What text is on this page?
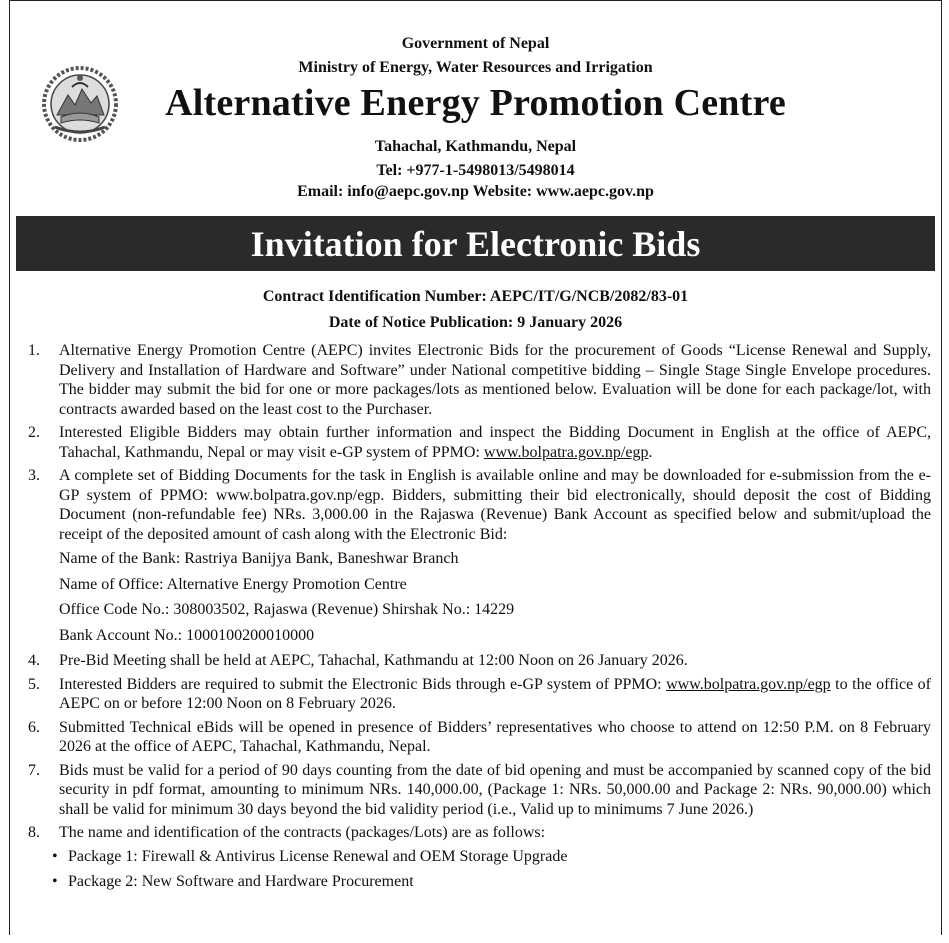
Government of Nepal
Ministry of Energy, Water Resources and Irrigation
Alternative Energy Promotion Centre
Tahachal, Kathmandu, Nepal
Tel: +977-1-5498013/5498014
Email: info@aepc.gov.np Website: www.aepc.gov.np
Invitation for Electronic Bids
Contract Identification Number: AEPC/IT/G/NCB/2082/83-01
Date of Notice Publication: 9 January 2026
1. Alternative Energy Promotion Centre (AEPC) invites Electronic Bids for the procurement of Goods “License Renewal and Supply, Delivery and Installation of Hardware and Software” under National competitive bidding – Single Stage Single Envelope procedures. The bidder may submit the bid for one or more packages/lots as mentioned below. Evaluation will be done for each package/lot, with contracts awarded based on the least cost to the Purchaser.
2. Interested Eligible Bidders may obtain further information and inspect the Bidding Document in English at the office of AEPC, Tahachal, Kathmandu, Nepal or may visit e-GP system of PPMO: www.bolpatra.gov.np/egp.
3. A complete set of Bidding Documents for the task in English is available online and may be downloaded for e-submission from the e-GP system of PPMO: www.bolpatra.gov.np/egp. Bidders, submitting their bid electronically, should deposit the cost of Bidding Document (non-refundable fee) NRs. 3,000.00 in the Rajaswa (Revenue) Bank Account as specified below and submit/upload the receipt of the deposited amount of cash along with the Electronic Bid:
Name of the Bank: Rastriya Banijya Bank, Baneshwar Branch
Name of Office: Alternative Energy Promotion Centre
Office Code No.: 308003502, Rajaswa (Revenue) Shirshak No.: 14229
Bank Account No.: 1000100200010000
4. Pre-Bid Meeting shall be held at AEPC, Tahachal, Kathmandu at 12:00 Noon on 26 January 2026.
5. Interested Bidders are required to submit the Electronic Bids through e-GP system of PPMO: www.bolpatra.gov.np/egp to the office of AEPC on or before 12:00 Noon on 8 February 2026.
6. Submitted Technical eBids will be opened in presence of Bidders’ representatives who choose to attend on 12:50 P.M. on 8 February 2026 at the office of AEPC, Tahachal, Kathmandu, Nepal.
7. Bids must be valid for a period of 90 days counting from the date of bid opening and must be accompanied by scanned copy of the bid security in pdf format, amounting to minimum NRs. 140,000.00, (Package 1: NRs. 50,000.00 and Package 2: NRs. 90,000.00) which shall be valid for minimum 30 days beyond the bid validity period (i.e., Valid up to minimums 7 June 2026.)
8. The name and identification of the contracts (packages/Lots) are as follows:
• Package 1: Firewall & Antivirus License Renewal and OEM Storage Upgrade
• Package 2: New Software and Hardware Procurement
